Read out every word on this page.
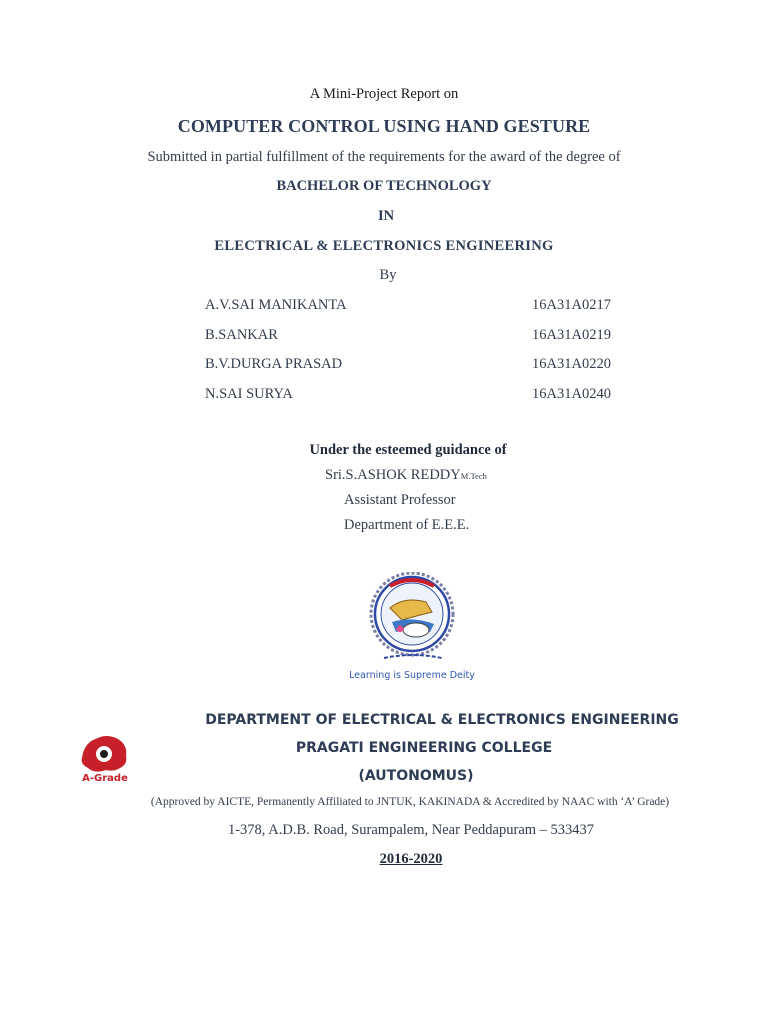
A Mini-Project Report on
COMPUTER CONTROL USING HAND GESTURE
Submitted in partial fulfillment of the requirements for the award of the degree of
BACHELOR OF TECHNOLOGY
IN
ELECTRICAL & ELECTRONICS ENGINEERING
By
A.V.SAI MANIKANTA	16A31A0217
B.SANKAR	16A31A0219
B.V.DURGA PRASAD	16A31A0220
N.SAI SURYA	16A31A0240
Under the esteemed guidance of
Sri.S.ASHOK REDDYM.Tech
Assistant Professor
Department of E.E.E.
Learning is Supreme Deity
A-Grade
DEPARTMENT OF ELECTRICAL & ELECTRONICS ENGINEERING
PRAGATI ENGINEERING COLLEGE
(AUTONOMUS)
(Approved by AICTE, Permanently Affiliated to JNTUK, KAKINADA & Accredited by NAAC with ‘A’ Grade)
1-378, A.D.B. Road, Surampalem, Near Peddapuram – 533437
2016-2020
